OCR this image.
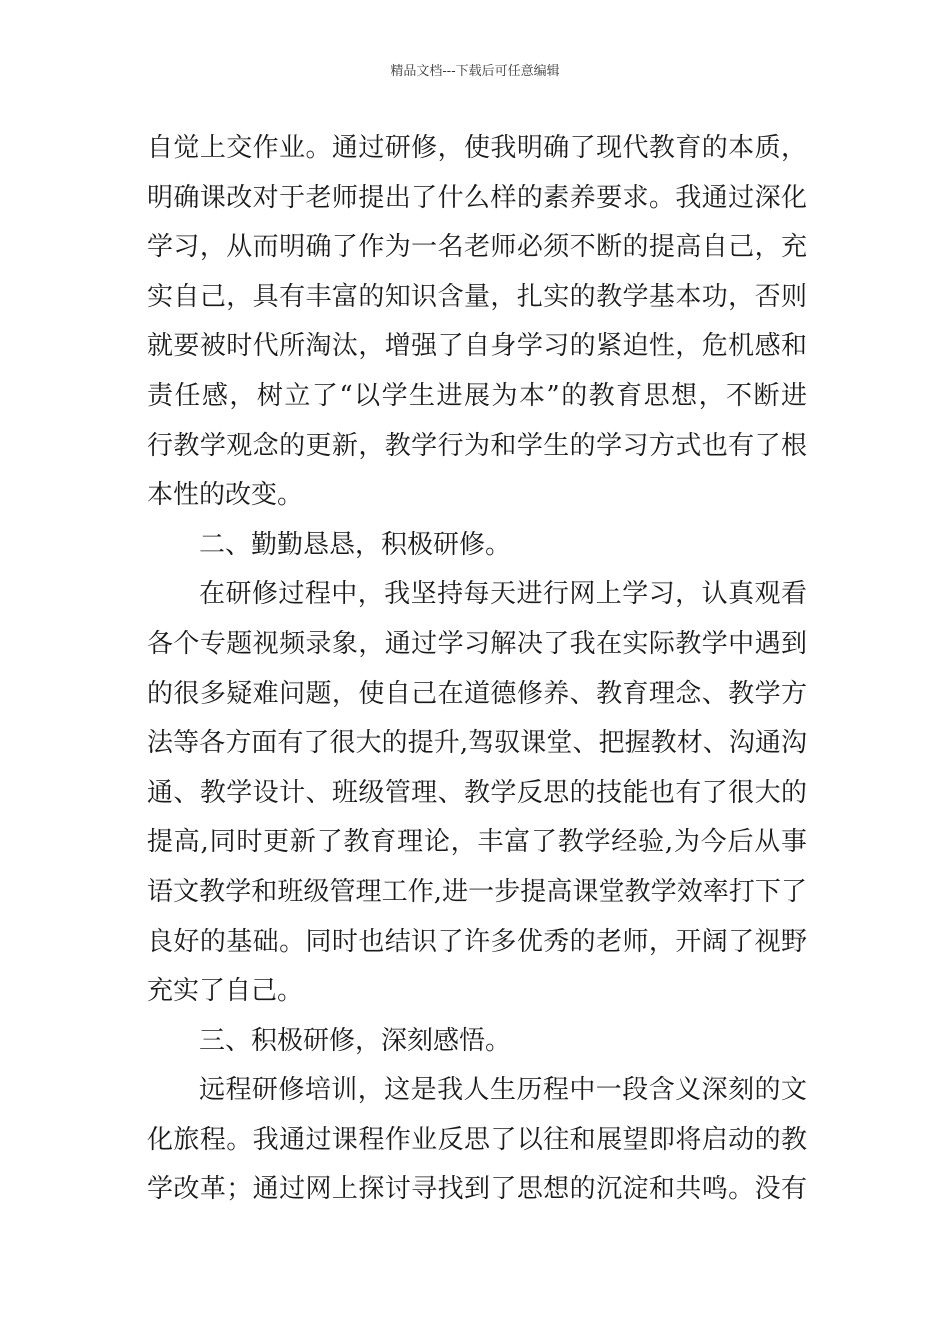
精品文档---下载后可任意编辑
自觉上交作业。通过研修，使我明确了现代教育的本质，
明确课改对于老师提出了什么样的素养要求。我通过深化
学习，从而明确了作为一名老师必须不断的提高自己，充
实自己，具有丰富的知识含量，扎实的教学基本功，否则
就要被时代所淘汰，增强了自身学习的紧迫性，危机感和
责任感，树立了“以学生进展为本”的教育思想，不断进
行教学观念的更新，教学行为和学生的学习方式也有了根
本性的改变。
二、勤勤恳恳，积极研修。
在研修过程中，我坚持每天进行网上学习，认真观看
各个专题视频录象，通过学习解决了我在实际教学中遇到
的很多疑难问题，使自己在道德修养、教育理念、教学方
法等各方面有了很大的提升,驾驭课堂、把握教材、沟通沟
通、教学设计、班级管理、教学反思的技能也有了很大的
提高,同时更新了教育理论，丰富了教学经验,为今后从事
语文教学和班级管理工作,进一步提高课堂教学效率打下了
良好的基础。同时也结识了许多优秀的老师，开阔了视野
充实了自己。
三、积极研修，深刻感悟。
远程研修培训，这是我人生历程中一段含义深刻的文
化旅程。我通过课程作业反思了以往和展望即将启动的教
学改革；通过网上探讨寻找到了思想的沉淀和共鸣。没有
